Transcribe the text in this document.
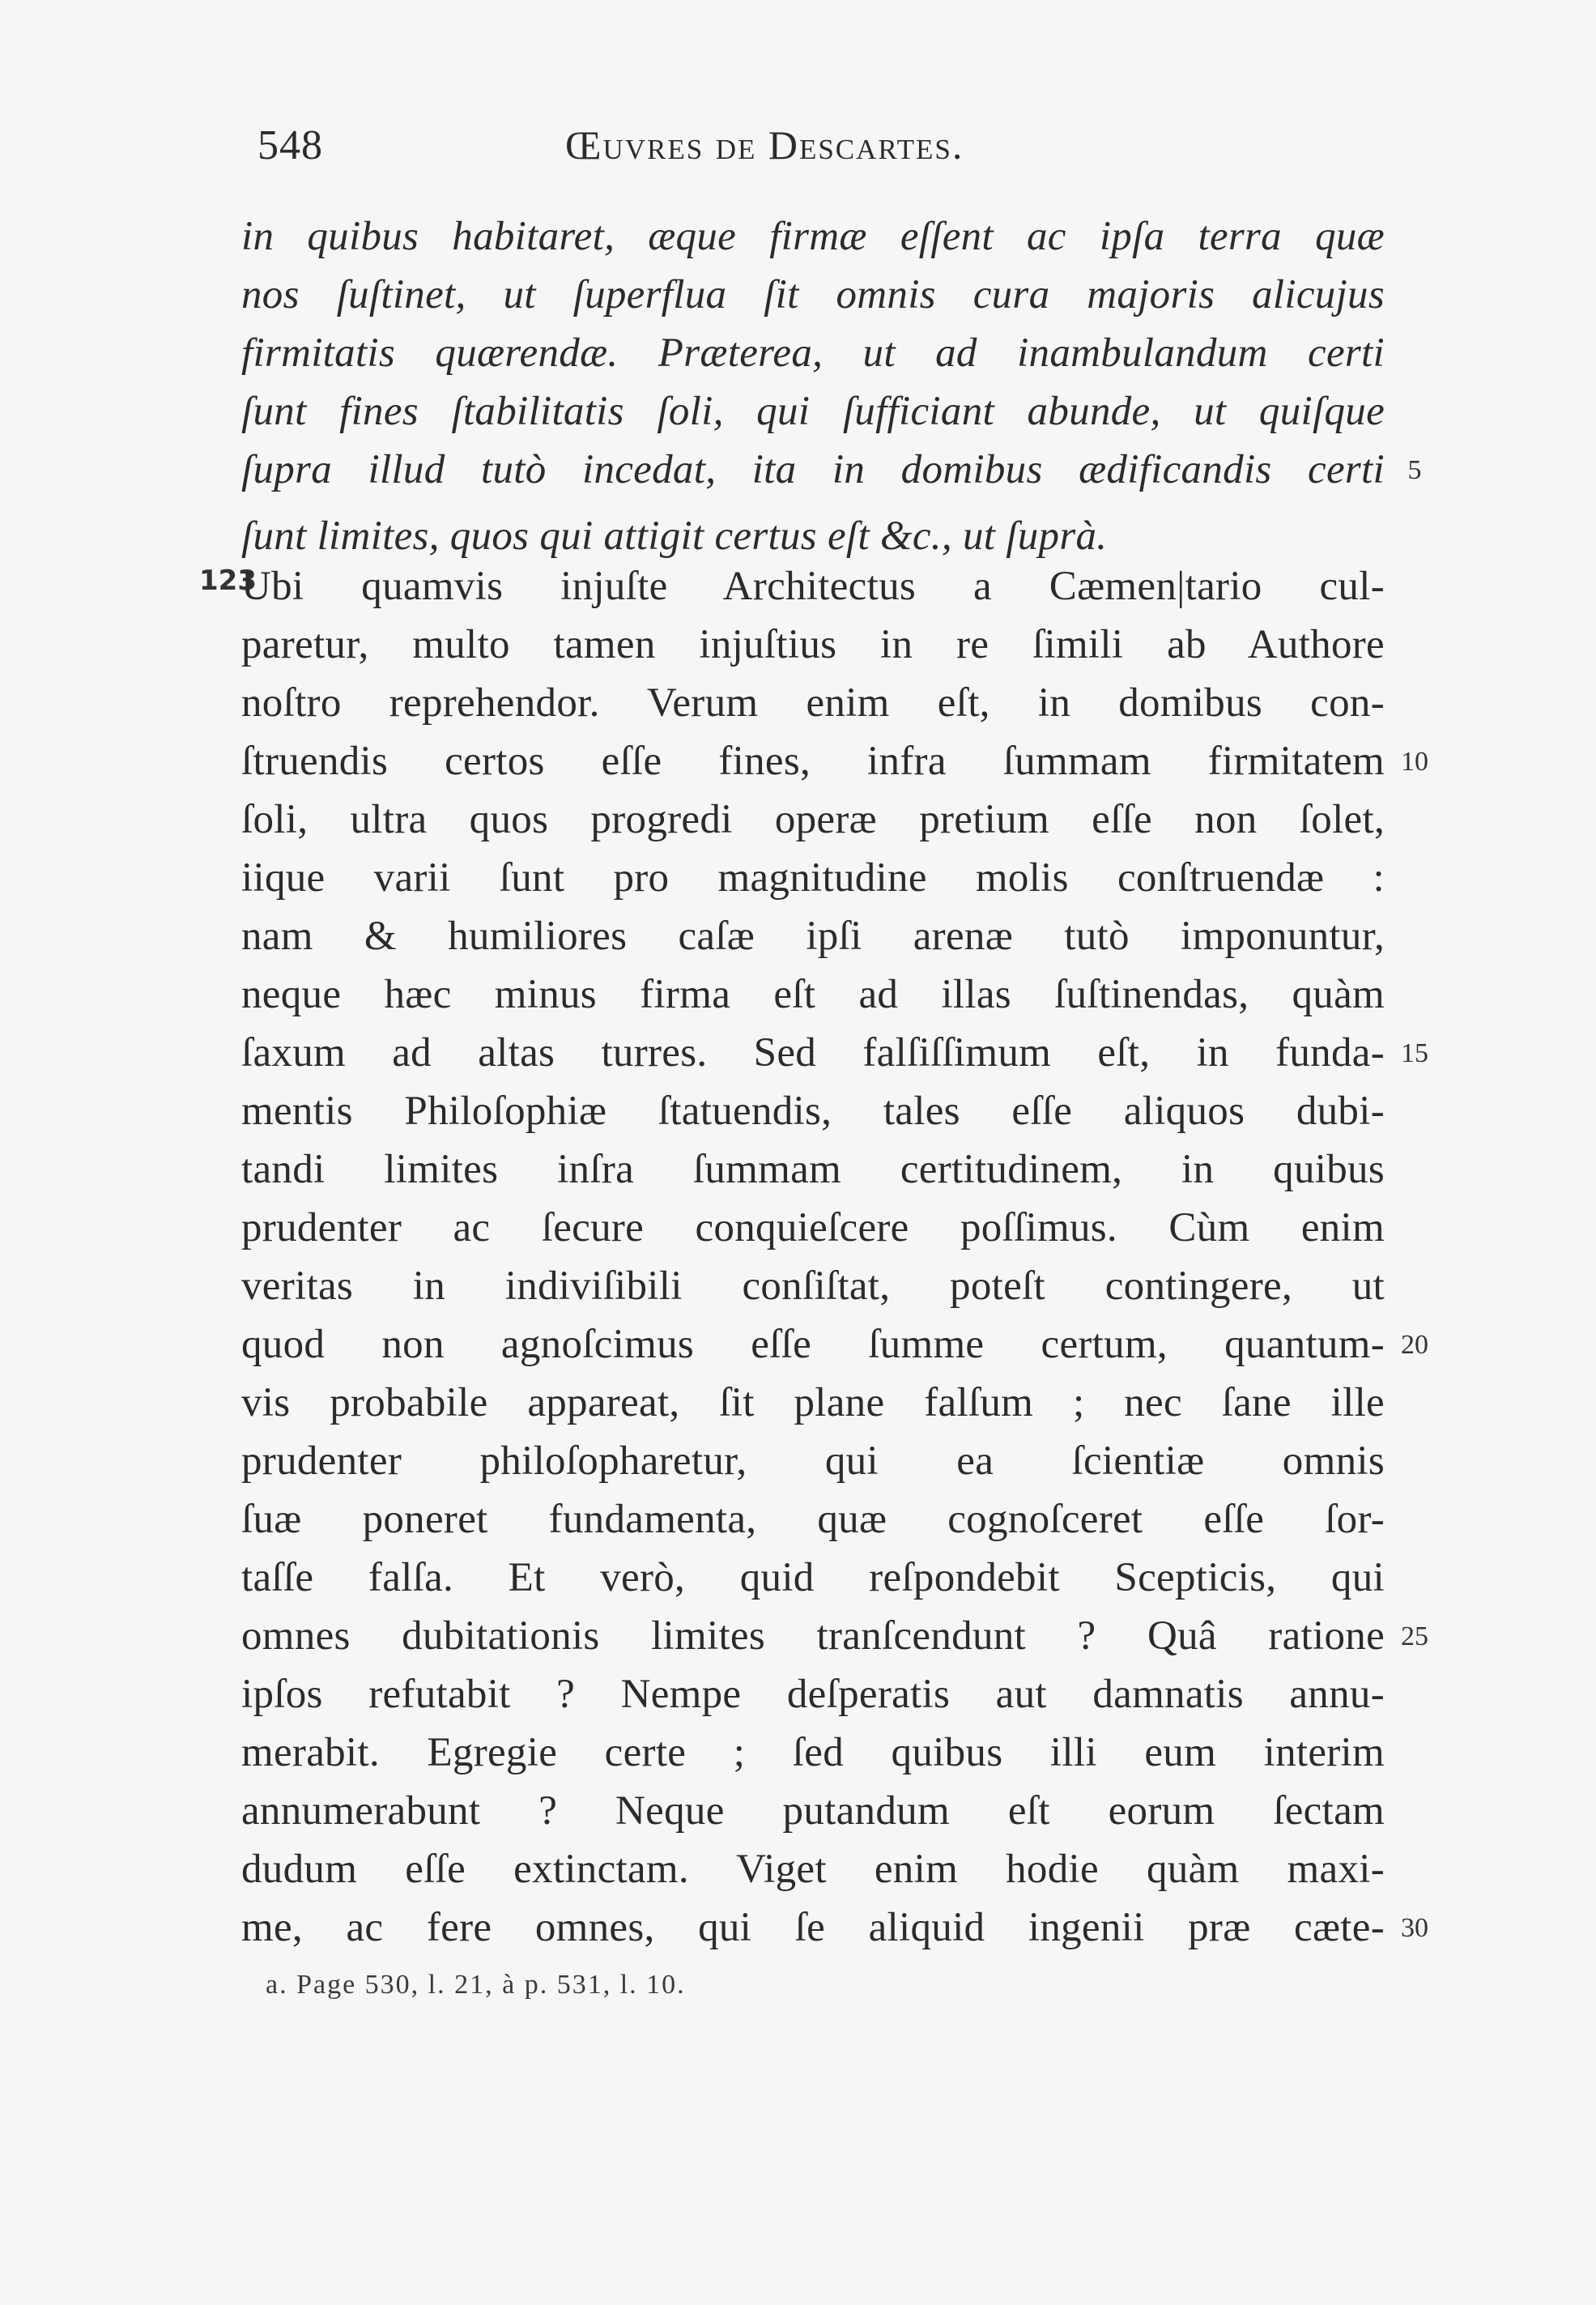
548	Œuvres de Descartes.
123
in quibus habitaret, æque firmæ eſſent ac ipſa terra quæ
nos ſuſtinet, ut ſuperflua ſit omnis cura majoris alicujus
firmitatis quærendæ. Præterea, ut ad inambulandum certi
ſunt fines ſtabilitatis ſoli, qui ſufficiant abunde, ut quiſque
ſupra illud tutò incedat, ita in domibus ædificandis certi 5
ſunt limites, quos qui attigit certus eſt &c., ut ſuprà.
Ubi quamvis injuſte Architectus a Cæmen|tario cul-
paretur, multo tamen injuſtius in re ſimili ab Authore
noſtro reprehendor. Verum enim eſt, in domibus con-
ſtruendis certos eſſe fines, infra ſummam firmitatem 10
ſoli, ultra quos progredi operæ pretium eſſe non ſolet,
iique varii ſunt pro magnitudine molis conſtruendæ :
nam & humiliores caſæ ipſi arenæ tutò imponuntur,
neque hæc minus firma eſt ad illas ſuſtinendas, quàm
ſaxum ad altas turres. Sed falſiſſimum eſt, in funda- 15
mentis Philoſophiæ ſtatuendis, tales eſſe aliquos dubi-
tandi limites inſra ſummam certitudinem, in quibus
prudenter ac ſecure conquieſcere poſſimus. Cùm enim
veritas in indiviſibili conſiſtat, poteſt contingere, ut
quod non agnoſcimus eſſe ſumme certum, quantum- 20
vis probabile appareat, ſit plane falſum ; nec ſane ille
prudenter philoſopharetur, qui ea ſcientiæ omnis
ſuæ poneret fundamenta, quæ cognoſceret eſſe ſor-
taſſe falſa. Et verò, quid reſpondebit Scepticis, qui
omnes dubitationis limites tranſcendunt ? Quâ ratione 25
ipſos refutabit ? Nempe deſperatis aut damnatis annu-
merabit. Egregie certe ; ſed quibus illi eum interim
annumerabunt ? Neque putandum eſt eorum ſectam
dudum eſſe extinctam. Viget enim hodie quàm maxi-
me, ac fere omnes, qui ſe aliquid ingenii præ cæte- 30
a. Page 530, l. 21, à p. 531, l. 10.
